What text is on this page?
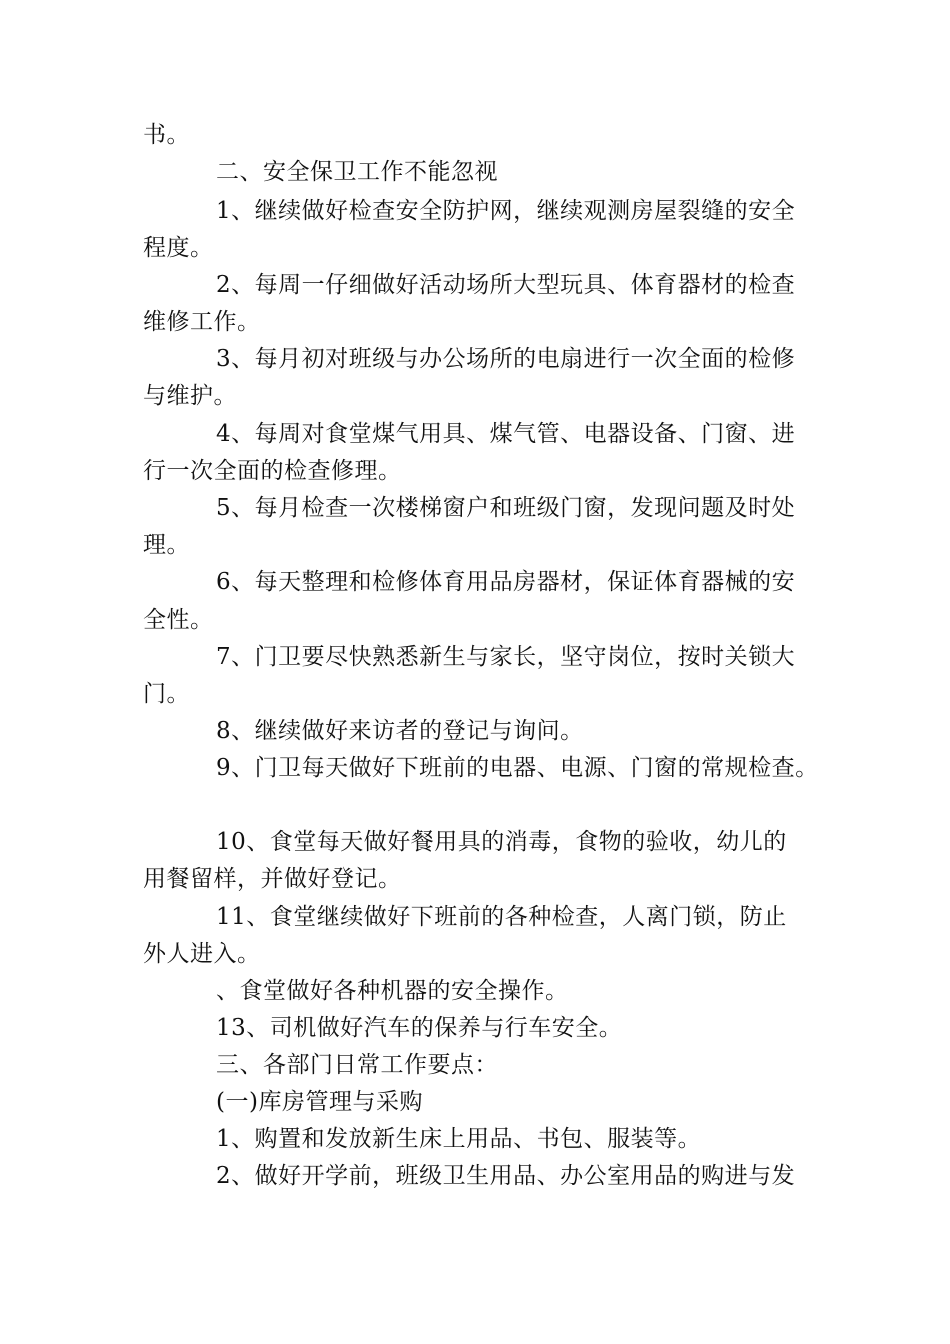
书。
二、安全保卫工作不能忽视
1、继续做好检查安全防护网，继续观测房屋裂缝的安全
程度。
2、每周一仔细做好活动场所大型玩具、体育器材的检查
维修工作。
3、每月初对班级与办公场所的电扇进行一次全面的检修
与维护。
4、每周对食堂煤气用具、煤气管、电器设备、门窗、进
行一次全面的检查修理。
5、每月检查一次楼梯窗户和班级门窗，发现问题及时处
理。
6、每天整理和检修体育用品房器材，保证体育器械的安
全性。
7、门卫要尽快熟悉新生与家长，坚守岗位，按时关锁大
门。
8、继续做好来访者的登记与询问。
9、门卫每天做好下班前的电器、电源、门窗的常规检查。
10、食堂每天做好餐用具的消毒，食物的验收，幼儿的
用餐留样，并做好登记。
11、食堂继续做好下班前的各种检查，人离门锁，防止
外人进入。
、食堂做好各种机器的安全操作。
13、司机做好汽车的保养与行车安全。
三、各部门日常工作要点：
(一)库房管理与采购
1、购置和发放新生床上用品、书包、服装等。
2、做好开学前，班级卫生用品、办公室用品的购进与发
